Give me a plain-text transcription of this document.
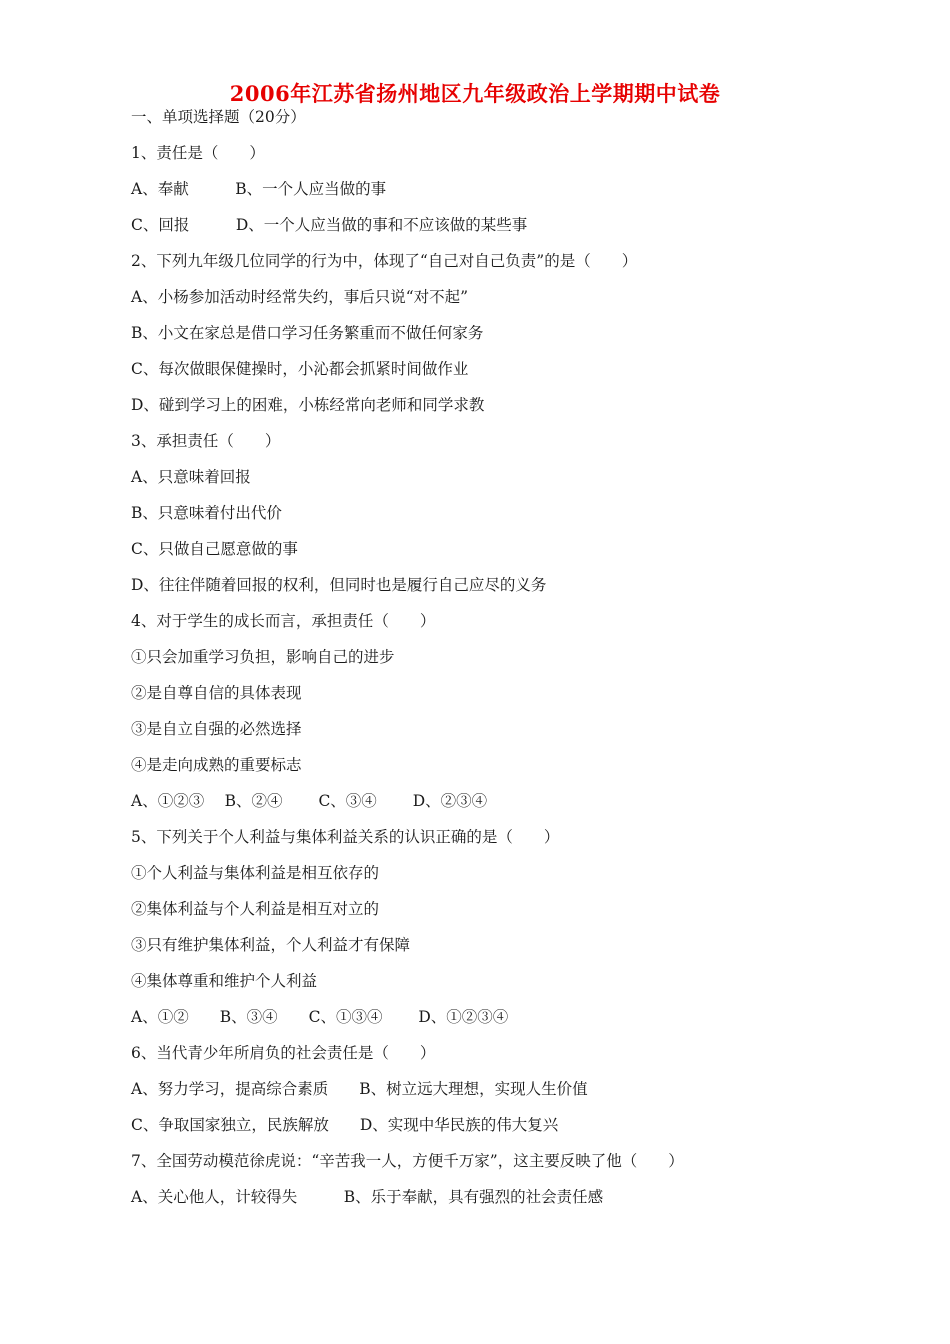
2006年江苏省扬州地区九年级政治上学期期中试卷
一、单项选择题（20分）
1、责任是（　　）
A、奉献　　　B、一个人应当做的事
C、回报　　　D、一个人应当做的事和不应该做的某些事
2、下列九年级几位同学的行为中，体现了“自己对自己负责”的是（　　）
A、小杨参加活动时经常失约，事后只说“对不起”
B、小文在家总是借口学习任务繁重而不做任何家务
C、每次做眼保健操时，小沁都会抓紧时间做作业
D、碰到学习上的困难，小栋经常向老师和同学求教
3、承担责任（　　）
A、只意味着回报
B、只意味着付出代价
C、只做自己愿意做的事
D、往往伴随着回报的权利，但同时也是履行自己应尽的义务
4、对于学生的成长而言，承担责任（　　）
①只会加重学习负担，影响自己的进步
②是自尊自信的具体表现
③是自立自强的必然选择
④是走向成熟的重要标志
A、①②③　 B、②④　　 C、③④　　 D、②③④
5、下列关于个人利益与集体利益关系的认识正确的是（　　）
①个人利益与集体利益是相互依存的
②集体利益与个人利益是相互对立的
③只有维护集体利益，个人利益才有保障
④集体尊重和维护个人利益
A、①②　　B、③④　　C、①③④　　 D、①②③④
6、当代青少年所肩负的社会责任是（　　）
A、努力学习，提高综合素质　　B、树立远大理想，实现人生价值
C、争取国家独立，民族解放　　D、实现中华民族的伟大复兴
7、全国劳动模范徐虎说：“辛苦我一人，方便千万家”，这主要反映了他（　　）
A、关心他人，计较得失　　　B、乐于奉献，具有强烈的社会责任感
